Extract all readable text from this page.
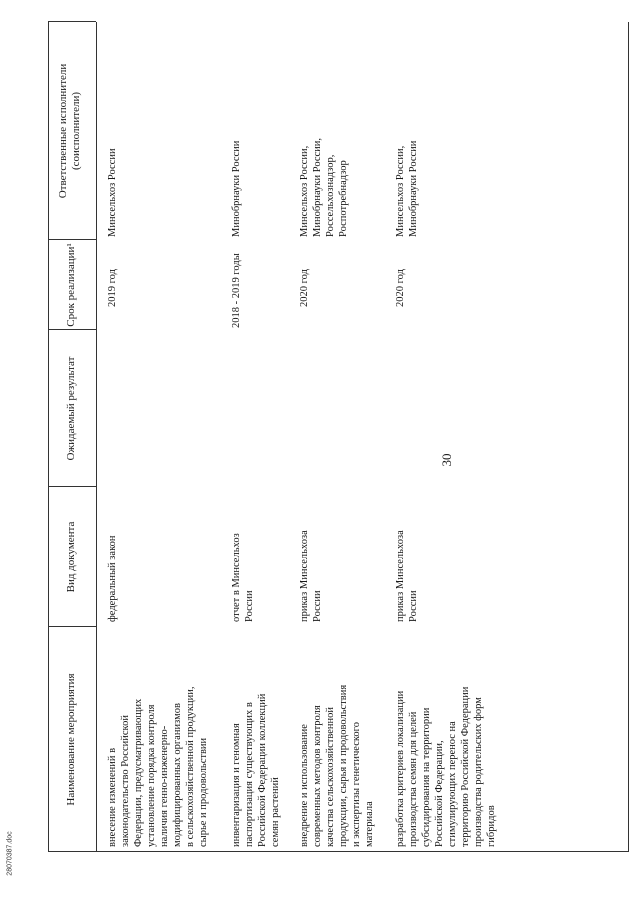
Наименование мероприятия
Вид документа
Ожидаемый результат
Срок реализации¹
Ответственные исполнители
(соисполнители)
внесение изменений в
законодательство Российской
Федерации, предусматривающих
установление порядка контроля
наличия генно-инженерно-
модифицированных организмов
в сельскохозяйственной продукции,
сырье и продовольствии
федеральный закон
2019 год
Минсельхоз России
инвентаризация и геномная
паспортизация существующих в
Российской Федерации коллекций
семян растений
отчет в Минсельхоз
России
2018 - 2019 годы
Минобрнауки России
внедрение и использование
современных методов контроля
качества сельскохозяйственной
продукции, сырья и продовольствия
и экспертизы генетического
материала
приказ Минсельхоза
России
2020 год
Минсельхоз России,
Минобрнауки России,
Россельхознадзор,
Роспотребнадзор
разработка критериев локализации
производства семян для целей
субсидирования на территории
Российской Федерации,
стимулирующих перенос на
территорию Российской Федерации
производства родительских форм
гибридов
приказ Минсельхоза
России
2020 год
Минсельхоз России,
Минобрнауки России
30
28070387.doc
